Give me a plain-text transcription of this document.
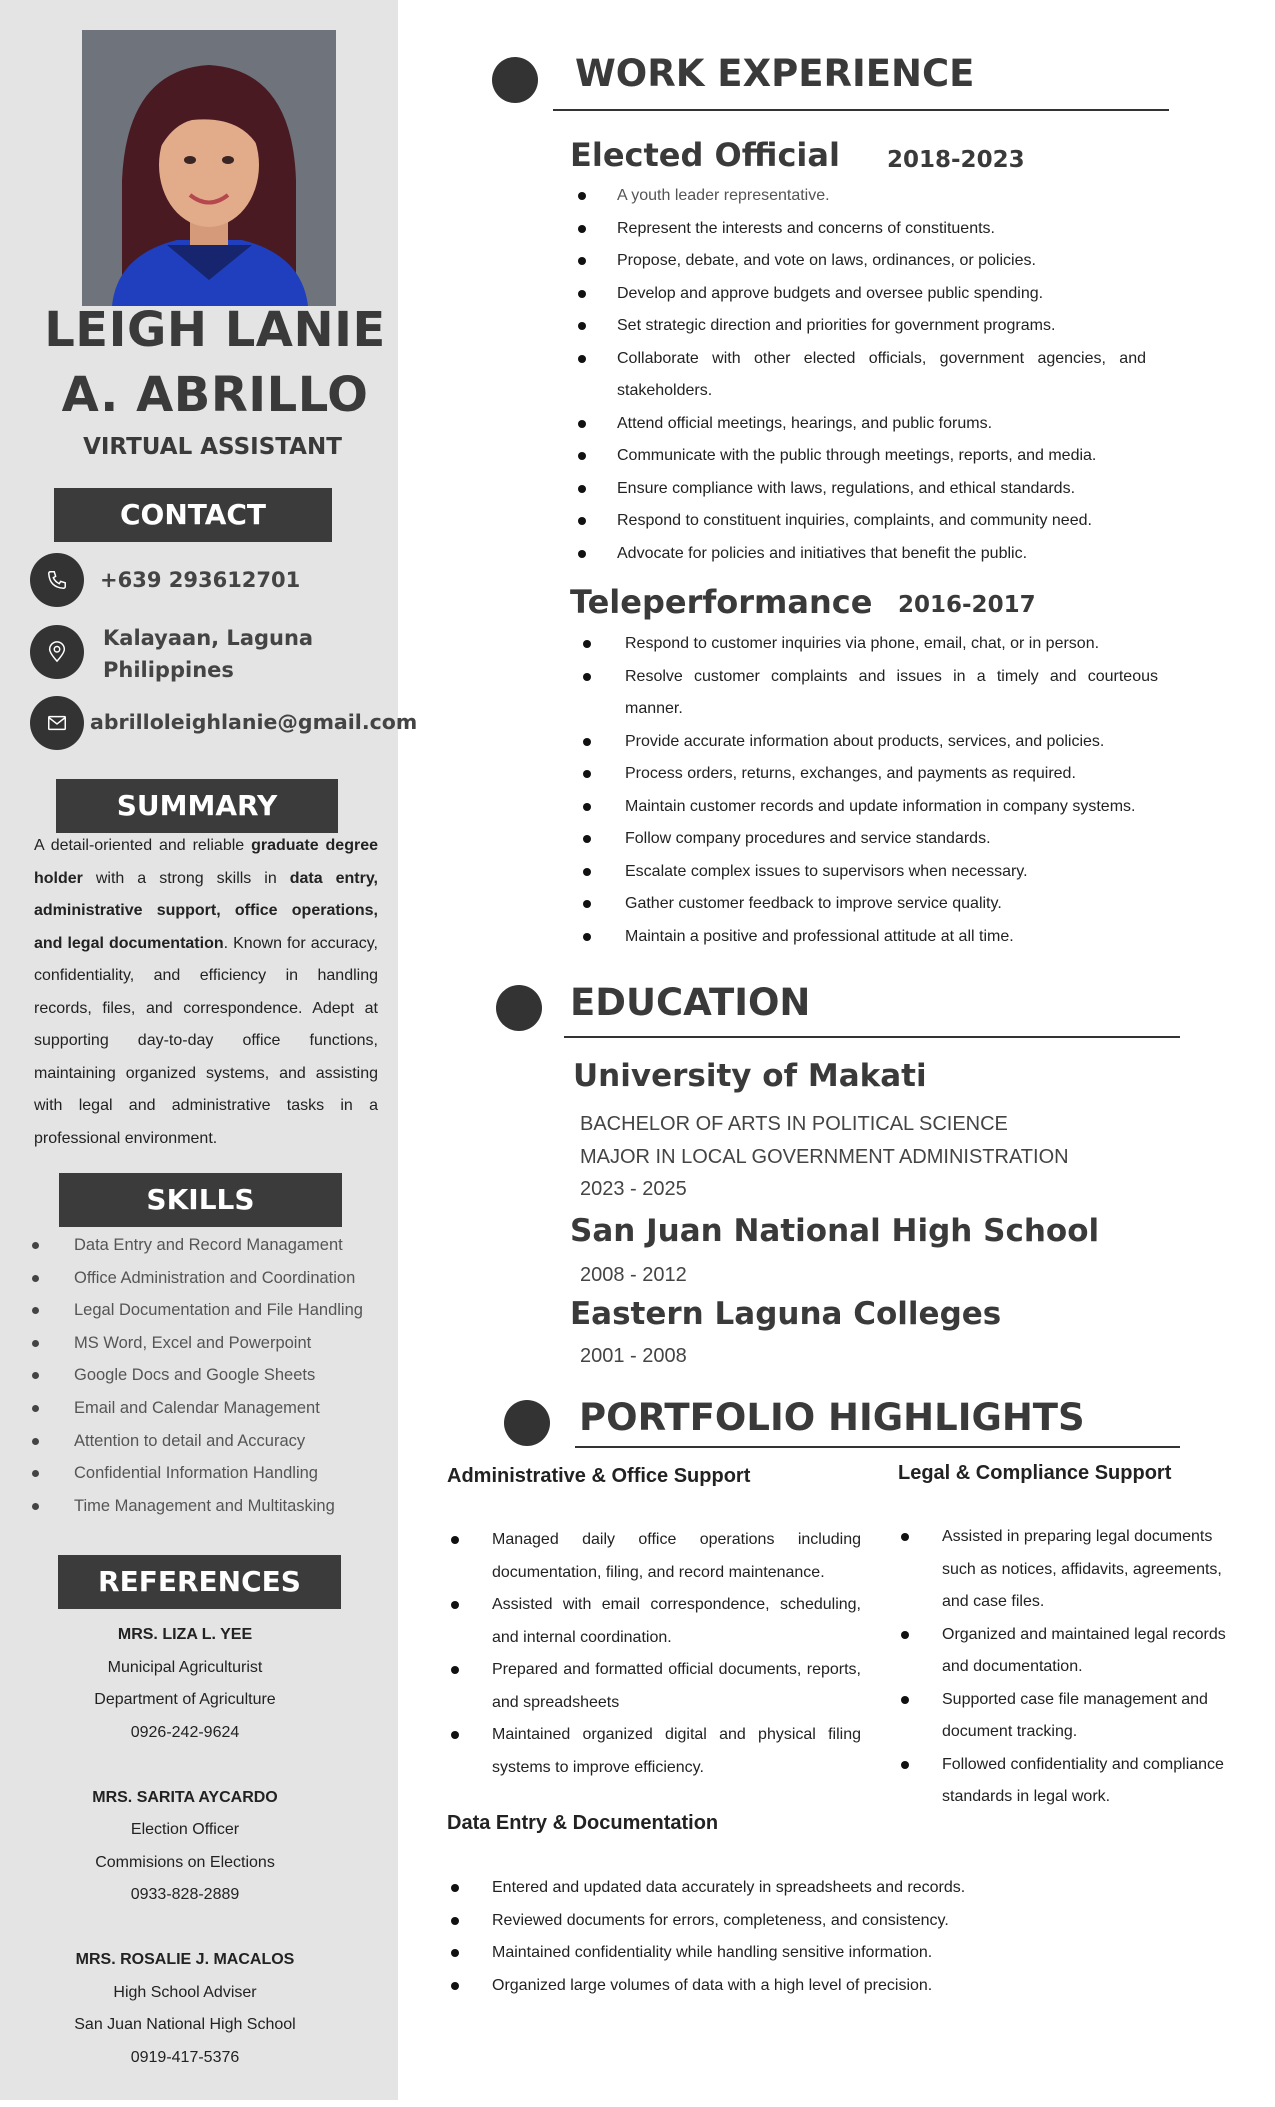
LEIGH LANIE
A. ABRILLO
VIRTUAL ASSISTANT
CONTACT
+639 293612701
Kalayaan, Laguna
Philippines
abrilloleighlanie@gmail.com
SUMMARY
A detail-oriented and reliable graduate degree holder with a strong skills in data entry, administrative support, office operations, and legal documentation. Known for accuracy, confidentiality, and efficiency in handling records, files, and correspondence. Adept at supporting day-to-day office functions, maintaining organized systems, and assisting with legal and administrative tasks in a professional environment.
SKILLS
Data Entry and Record Managament
Office Administration and Coordination
Legal Documentation and File Handling
MS Word, Excel and Powerpoint
Google Docs and Google Sheets
Email and Calendar Management
Attention to detail and Accuracy
Confidential Information Handling
Time Management and Multitasking
REFERENCES
MRS. LIZA L. YEE
Municipal Agriculturist
Department of Agriculture
0926-242-9624
MRS. SARITA AYCARDO
Election Officer
Commisions on Elections
0933-828-2889
MRS. ROSALIE J. MACALOS
High School Adviser
San Juan National High School
0919-417-5376
WORK EXPERIENCE
Elected Official 2018-2023
A youth leader representative.
Represent the interests and concerns of constituents.
Propose, debate, and vote on laws, ordinances, or policies.
Develop and approve budgets and oversee public spending.
Set strategic direction and priorities for government programs.
Collaborate with other elected officials, government agencies, and stakeholders.
Attend official meetings, hearings, and public forums.
Communicate with the public through meetings, reports, and media.
Ensure compliance with laws, regulations, and ethical standards.
Respond to constituent inquiries, complaints, and community need.
Advocate for policies and initiatives that benefit the public.
Teleperformance 2016-2017
Respond to customer inquiries via phone, email, chat, or in person.
Resolve customer complaints and issues in a timely and courteous manner.
Provide accurate information about products, services, and policies.
Process orders, returns, exchanges, and payments as required.
Maintain customer records and update information in company systems.
Follow company procedures and service standards.
Escalate complex issues to supervisors when necessary.
Gather customer feedback to improve service quality.
Maintain a positive and professional attitude at all time.
EDUCATION
University of Makati
BACHELOR OF ARTS IN POLITICAL SCIENCE
MAJOR IN LOCAL GOVERNMENT ADMINISTRATION
2023 - 2025
San Juan National High School
2008 - 2012
Eastern Laguna Colleges
2001 - 2008
PORTFOLIO HIGHLIGHTS
Administrative & Office Support
Managed daily office operations including documentation, filing, and record maintenance.
Assisted with email correspondence, scheduling, and internal coordination.
Prepared and formatted official documents, reports, and spreadsheets
Maintained organized digital and physical filing systems to improve efficiency.
Legal & Compliance Support
Assisted in preparing legal documents such as notices, affidavits, agreements, and case files.
Organized and maintained legal records and documentation.
Supported case file management and document tracking.
Followed confidentiality and compliance standards in legal work.
Data Entry & Documentation
Entered and updated data accurately in spreadsheets and records.
Reviewed documents for errors, completeness, and consistency.
Maintained confidentiality while handling sensitive information.
Organized large volumes of data with a high level of precision.
